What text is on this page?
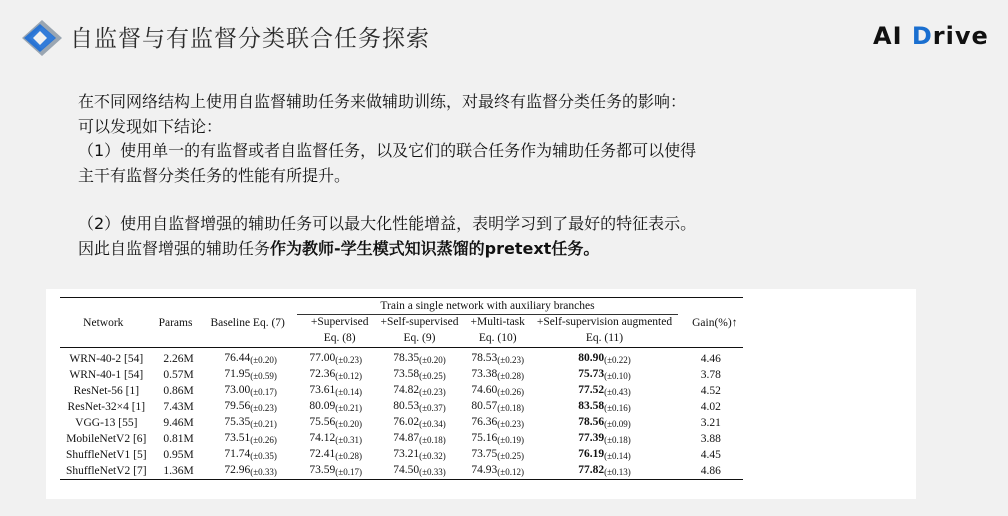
自监督与有监督分类联合任务探索	AI Drive

在不同网络结构上使用自监督辅助任务来做辅助训练，对最终有监督分类任务的影响：

可以发现如下结论：

（1）使用单一的有监督或者自监督任务，以及它们的联合任务作为辅助任务都可以使得

主干有监督分类任务的性能有所提升。

（2）使用自监督增强的辅助任务可以最大化性能增益，表明学习到了最好的特征表示。

因此自监督增强的辅助任务作为教师-学生模式知识蒸馏的pretext任务。

Network	Params	Baseline Eq. (7)	Train a single network with auxiliary branches				Gain(%)↑
			+Supervised	+Self-supervised	+Multi-task	+Self-supervision augmented	
			Eq. (8)	Eq. (9)	Eq. (10)	Eq. (11)	
WRN-40-2 [54]	2.26M	$76.44_{(\pm 0.20)}$	$77.00_{(\pm 0.23)}$	$78.35_{(\pm 0.20)}$	$78.53_{(\pm 0.23)}$	$80.90_{(\pm 0.22)}$	4.46
WRN-40-1 [54]	0.57M	$71.95_{(\pm 0.59)}$	$72.36_{(\pm 0.12)}$	$73.58_{(\pm 0.25)}$	$73.38_{(\pm 0.28)}$	$75.73_{(\pm 0.10)}$	3.78
ResNet-56 [1]	0.86M	$73.00_{(\pm 0.17)}$	$73.61_{(\pm 0.14)}$	$74.82_{(\pm 0.23)}$	$74.60_{(\pm 0.26)}$	$77.52_{(\pm 0.43)}$	4.52
ResNet-32×4 [1]	7.43M	$79.56_{(\pm 0.23)}$	$80.09_{(\pm 0.21)}$	$80.53_{(\pm 0.37)}$	$80.57_{(\pm 0.18)}$	$83.58_{(\pm 0.16)}$	4.02
VGG-13 [55]	9.46M	$75.35_{(\pm 0.21)}$	$75.56_{(\pm 0.20)}$	$76.02_{(\pm 0.34)}$	$76.36_{(\pm 0.23)}$	$78.56_{(\pm 0.09)}$	3.21
MobileNetV2 [6]	0.81M	$73.51_{(\pm 0.26)}$	$74.12_{(\pm 0.31)}$	$74.87_{(\pm 0.18)}$	$75.16_{(\pm 0.19)}$	$77.39_{(\pm 0.18)}$	3.88
ShuffleNetV1 [5]	0.95M	$71.74_{(\pm 0.35)}$	$72.41_{(\pm 0.28)}$	$73.21_{(\pm 0.32)}$	$73.75_{(\pm 0.25)}$	$76.19_{(\pm 0.14)}$	4.45
ShuffleNetV2 [7]	1.36M	$72.96_{(\pm 0.33)}$	$73.59_{(\pm 0.17)}$	$74.50_{(\pm 0.33)}$	$74.93_{(\pm 0.12)}$	$77.82_{(\pm 0.13)}$	4.86
